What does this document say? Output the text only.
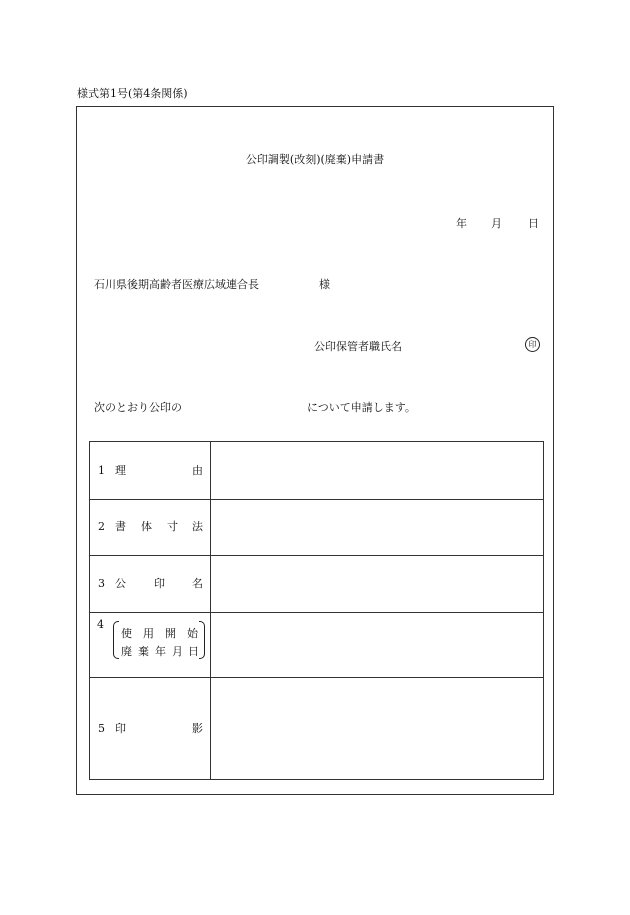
様式第1号(第4条関係)
公印調製(改刻)(廃棄)申請書
年 月 日
石川県後期高齢者医療広域連合長	様
公印保管者職氏名	印
次のとおり公印の	について申請します。
1 理	由
2 書 体 寸 法
3 公	印 名
4
使 用 開 始
廃 棄 年 月 日
5 印	影
